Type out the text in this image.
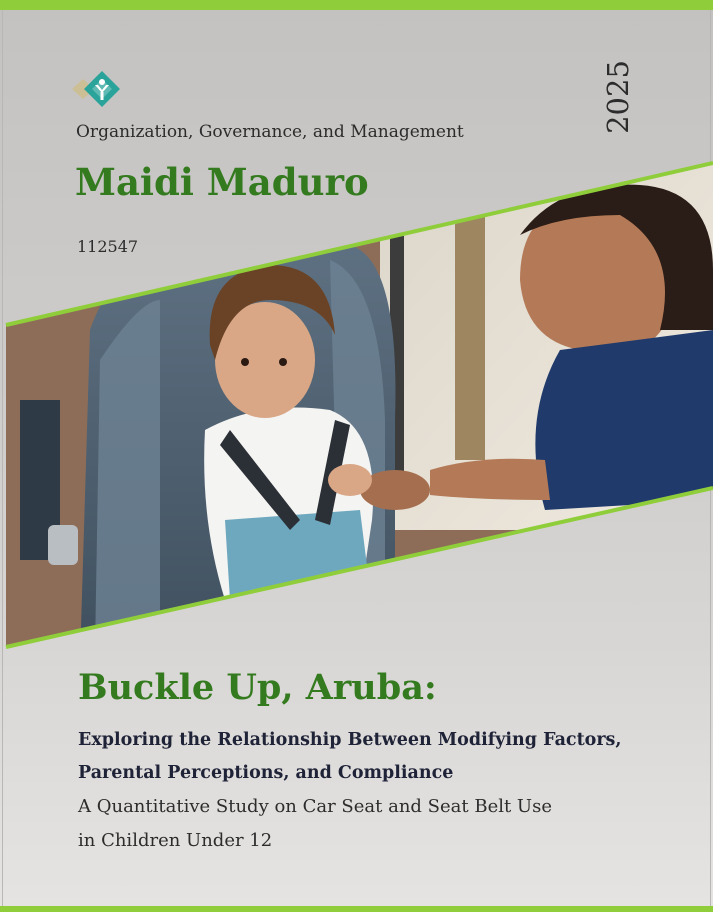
Organization, Governance, and Management
Maidi Maduro
112547
2025
Buckle Up, Aruba:
Exploring the Relationship Between Modifying Factors,
Parental Perceptions, and Compliance
A Quantitative Study on Car Seat and Seat Belt Use
in Children Under 12
